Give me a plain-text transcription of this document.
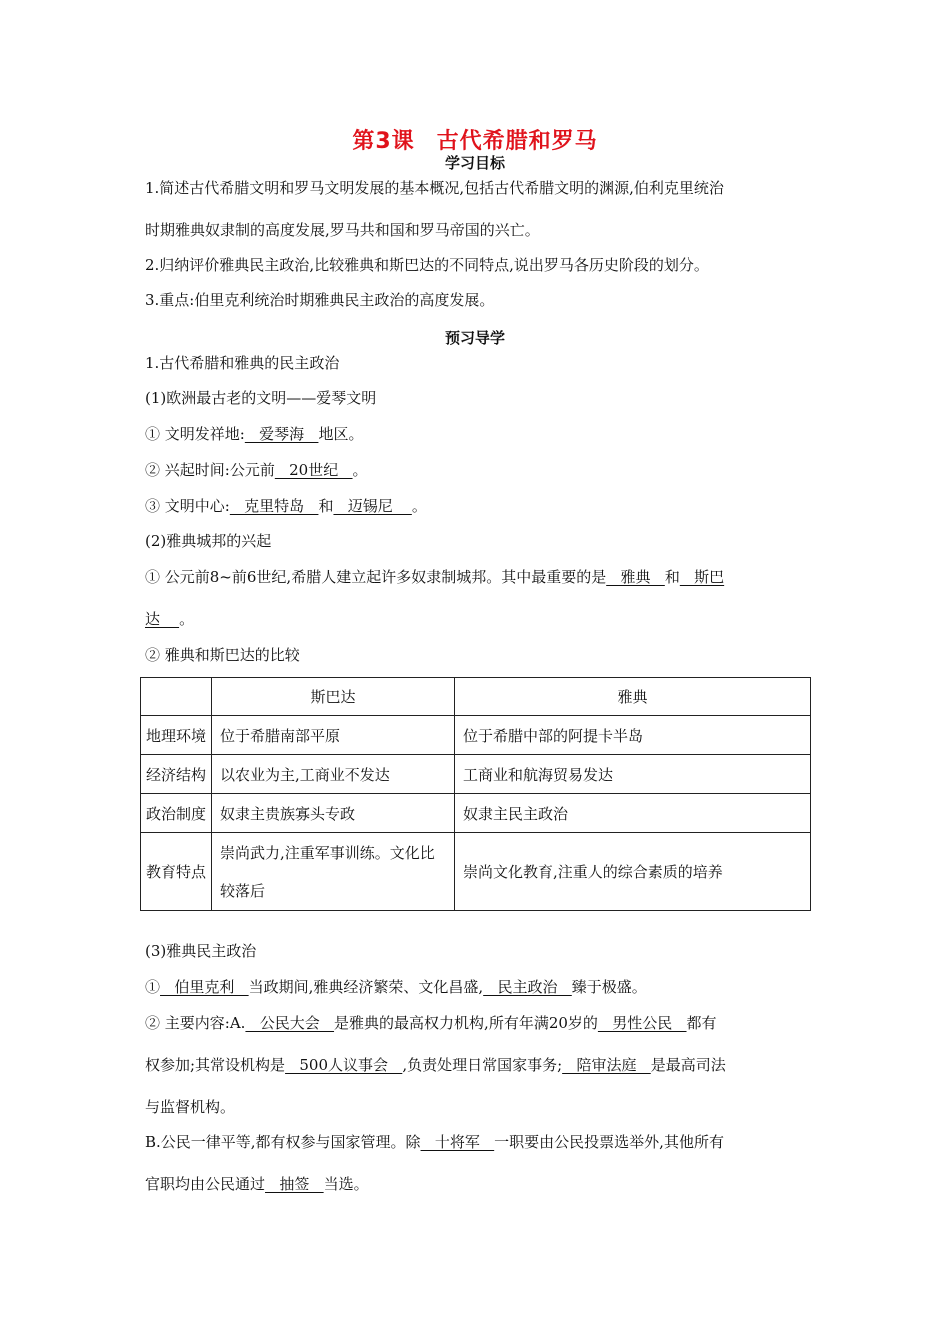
第3课 古代希腊和罗马
学习目标
1.简述古代希腊文明和罗马文明发展的基本概况,包括古代希腊文明的渊源,伯利克里统治
时期雅典奴隶制的高度发展,罗马共和国和罗马帝国的兴亡。
2.归纳评价雅典民主政治,比较雅典和斯巴达的不同特点,说出罗马各历史阶段的划分。
3.重点:伯里克利统治时期雅典民主政治的高度发展。
预习导学
1.古代希腊和雅典的民主政治
(1)欧洲最古老的文明——爱琴文明
① 文明发祥地:   爱琴海   地区。
② 兴起时间:公元前   20世纪   。
③ 文明中心:   克里特岛   和   迈锡尼    。
(2)雅典城邦的兴起
① 公元前8~前6世纪,希腊人建立起许多奴隶制城邦。其中最重要的是   雅典   和   斯巴
达    。
② 雅典和斯巴达的比较
	斯巴达	雅典
地理环境	位于希腊南部平原	位于希腊中部的阿提卡半岛
经济结构	以农业为主,工商业不发达	工商业和航海贸易发达
政治制度	奴隶主贵族寡头专政	奴隶主民主政治
教育特点	崇尚武力,注重军事训练。文化比较落后	崇尚文化教育,注重人的综合素质的培养
(3)雅典民主政治
①   伯里克利   当政期间,雅典经济繁荣、文化昌盛,   民主政治   臻于极盛。
② 主要内容:A.   公民大会   是雅典的最高权力机构,所有年满20岁的   男性公民   都有
权参加;其常设机构是   500人议事会   ,负责处理日常国家事务;   陪审法庭   是最高司法
与监督机构。
B.公民一律平等,都有权参与国家管理。除   十将军   一职要由公民投票选举外,其他所有
官职均由公民通过   抽签   当选。
